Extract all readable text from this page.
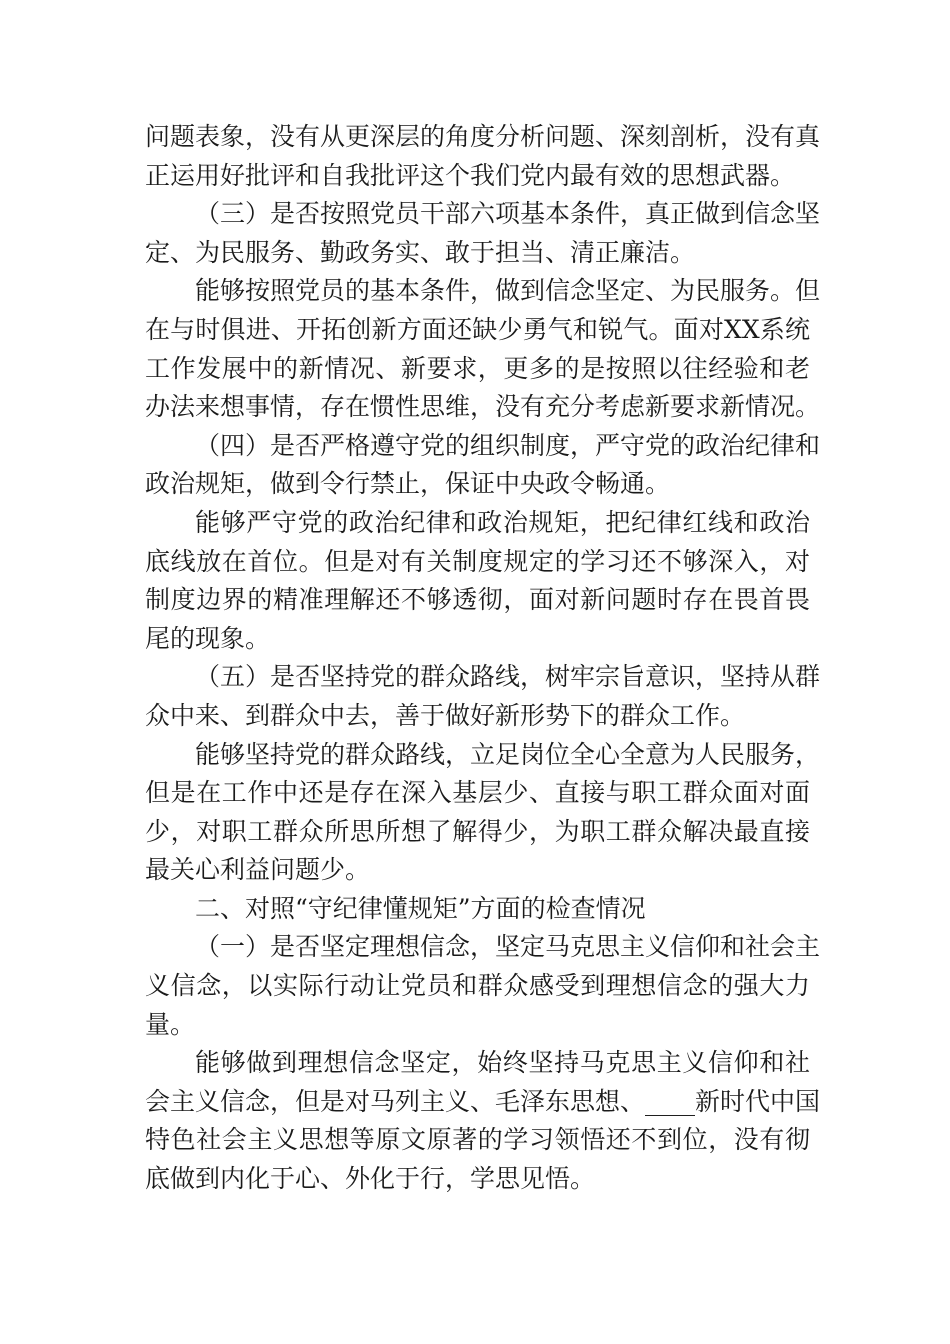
问题表象，没有从更深层的角度分析问题、深刻剖析，没有真
正运用好批评和自我批评这个我们党内最有效的思想武器。
（三）是否按照党员干部六项基本条件，真正做到信念坚
定、为民服务、勤政务实、敢于担当、清正廉洁。
能够按照党员的基本条件，做到信念坚定、为民服务。但
在与时俱进、开拓创新方面还缺少勇气和锐气。面对XX系统
工作发展中的新情况、新要求，更多的是按照以往经验和老
办法来想事情，存在惯性思维，没有充分考虑新要求新情况。
（四）是否严格遵守党的组织制度，严守党的政治纪律和
政治规矩，做到令行禁止，保证中央政令畅通。
能够严守党的政治纪律和政治规矩，把纪律红线和政治
底线放在首位。但是对有关制度规定的学习还不够深入，对
制度边界的精准理解还不够透彻，面对新问题时存在畏首畏
尾的现象。
（五）是否坚持党的群众路线，树牢宗旨意识，坚持从群
众中来、到群众中去，善于做好新形势下的群众工作。
能够坚持党的群众路线，立足岗位全心全意为人民服务，
但是在工作中还是存在深入基层少、直接与职工群众面对面
少，对职工群众所思所想了解得少，为职工群众解决最直接
最关心利益问题少。
二、对照“守纪律懂规矩”方面的检查情况
（一）是否坚定理想信念，坚定马克思主义信仰和社会主
义信念，以实际行动让党员和群众感受到理想信念的强大力
量。
能够做到理想信念坚定，始终坚持马克思主义信仰和社
会主义信念，但是对马列主义、毛泽东思想、____新时代中国
特色社会主义思想等原文原著的学习领悟还不到位，没有彻
底做到内化于心、外化于行，学思见悟。
